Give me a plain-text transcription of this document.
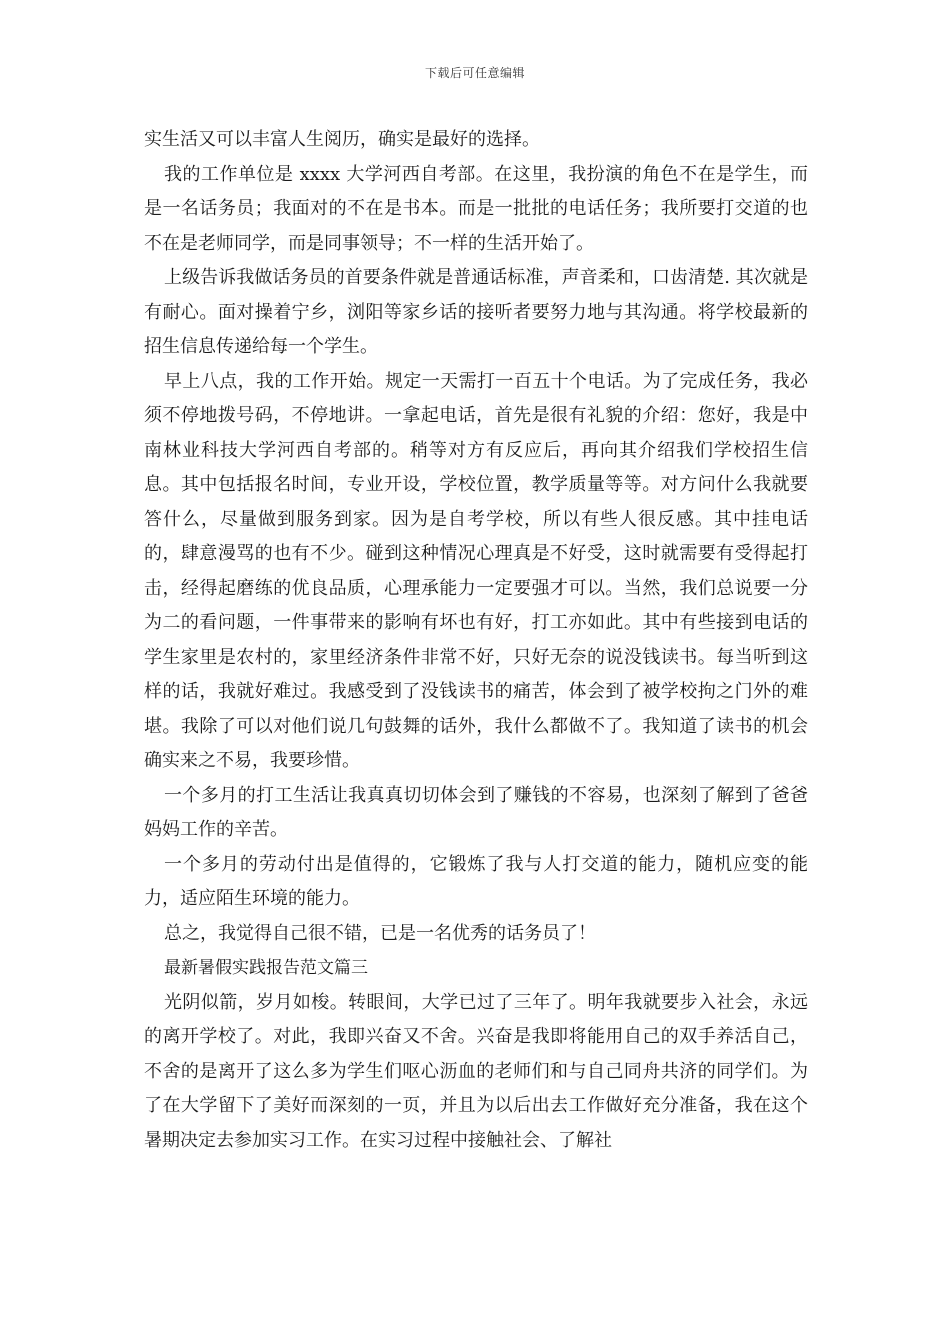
下载后可任意编辑

实生活又可以丰富人生阅历，确实是最好的选择。

我的工作单位是 xxxx 大学河西自考部。在这里，我扮演的角色不在是学生，而是一名话务员；我面对的不在是书本。而是一批批的电话任务；我所要打交道的也不在是老师同学，而是同事领导；不一样的生活开始了。

上级告诉我做话务员的首要条件就是普通话标准，声音柔和，口齿清楚. 其次就是有耐心。面对操着宁乡，浏阳等家乡话的接听者要努力地与其沟通。将学校最新的招生信息传递给每一个学生。

早上八点，我的工作开始。规定一天需打一百五十个电话。为了完成任务，我必须不停地拨号码，不停地讲。一拿起电话，首先是很有礼貌的介绍：您好，我是中南林业科技大学河西自考部的。稍等对方有反应后，再向其介绍我们学校招生信息。其中包括报名时间，专业开设，学校位置，教学质量等等。对方问什么我就要答什么，尽量做到服务到家。因为是自考学校，所以有些人很反感。其中挂电话的，肆意漫骂的也有不少。碰到这种情况心理真是不好受，这时就需要有受得起打击，经得起磨练的优良品质，心理承能力一定要强才可以。当然，我们总说要一分为二的看问题，一件事带来的影响有坏也有好，打工亦如此。其中有些接到电话的学生家里是农村的，家里经济条件非常不好，只好无奈的说没钱读书。每当听到这样的话，我就好难过。我感受到了没钱读书的痛苦，体会到了被学校拘之门外的难堪。我除了可以对他们说几句鼓舞的话外，我什么都做不了。我知道了读书的机会确实来之不易，我要珍惜。

一个多月的打工生活让我真真切切体会到了赚钱的不容易，也深刻了解到了爸爸妈妈工作的辛苦。

一个多月的劳动付出是值得的，它锻炼了我与人打交道的能力，随机应变的能力，适应陌生环境的能力。

总之，我觉得自己很不错，已是一名优秀的话务员了！

最新暑假实践报告范文篇三

光阴似箭，岁月如梭。转眼间，大学已过了三年了。明年我就要步入社会，永远的离开学校了。对此，我即兴奋又不舍。兴奋是我即将能用自己的双手养活自己，不舍的是离开了这么多为学生们呕心沥血的老师们和与自己同舟共济的同学们。为了在大学留下了美好而深刻的一页，并且为以后出去工作做好充分准备，我在这个暑期决定去参加实习工作。在实习过程中接触社会、了解社
